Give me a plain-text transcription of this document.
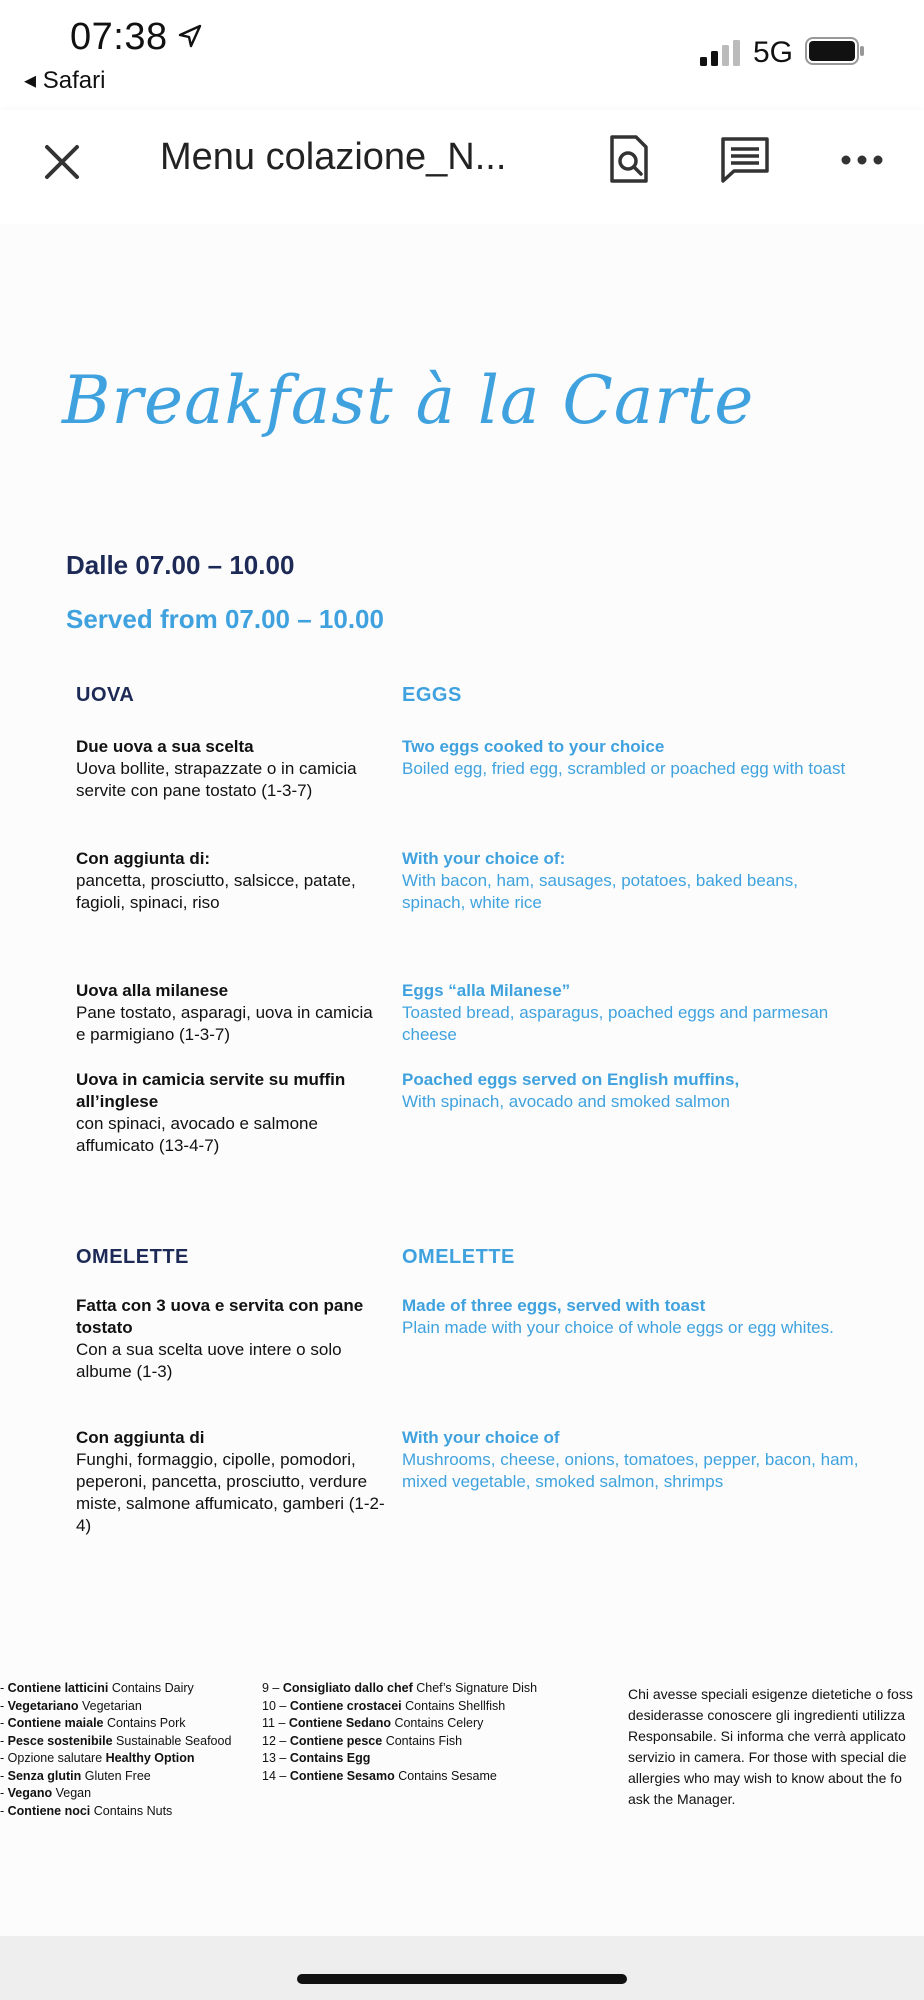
07:38
◂ Safari
5G
Menu colazione_N...
Breakfast à la Carte
Dalle 07.00 – 10.00
Served from 07.00 – 10.00
UOVA
Due uova a sua scelta
Uova bollite, strapazzate o in camicia servite con pane tostato (1-3-7)
Con aggiunta di:
pancetta, prosciutto, salsicce, patate, fagioli, spinaci, riso
Uova alla milanese
Pane tostato, asparagi, uova in camicia e parmigiano (1-3-7)
Uova in camicia servite su muffin all’inglese
con spinaci, avocado e salmone affumicato (13-4-7)
OMELETTE
Fatta con 3 uova e servita con pane tostato
Con a sua scelta uove intere o solo albume (1-3)
Con aggiunta di
Funghi, formaggio, cipolle, pomodori, peperoni, pancetta, prosciutto, verdure miste, salmone affumicato, gamberi (1-2-4)
EGGS
Two eggs cooked to your choice
Boiled egg, fried egg, scrambled or poached egg with toast
With your choice of:
With bacon, ham, sausages, potatoes, baked beans, spinach, white rice
Eggs “alla Milanese”
Toasted bread, asparagus, poached eggs and parmesan cheese
Poached eggs served on English muffins,
With spinach, avocado and smoked salmon
OMELETTE
Made of three eggs, served with toast
Plain made with your choice of whole eggs or egg whites.
With your choice of
Mushrooms, cheese, onions, tomatoes, pepper, bacon, ham, mixed vegetable, smoked salmon, shrimps
- Contiene latticini Contains Dairy
- Vegetariano Vegetarian
- Contiene maiale Contains Pork
- Pesce sostenibile Sustainable Seafood
- Opzione salutare Healthy Option
- Senza glutin Gluten Free
- Vegano Vegan
- Contiene noci Contains Nuts
9 – Consigliato dallo chef Chef’s Signature Dish
10 – Contiene crostacei Contains Shellfish
11 – Contiene Sedano Contains Celery
12 – Contiene pesce Contains Fish
13 – Contains Egg
14 – Contiene Sesamo Contains Sesame
Chi avesse speciali esigenze dietetiche o foss
desiderasse conoscere gli ingredienti utilizza
Responsabile. Si informa che verrà applicato
servizio in camera. For those with special die
allergies who may wish to know about the fo
ask the Manager.
